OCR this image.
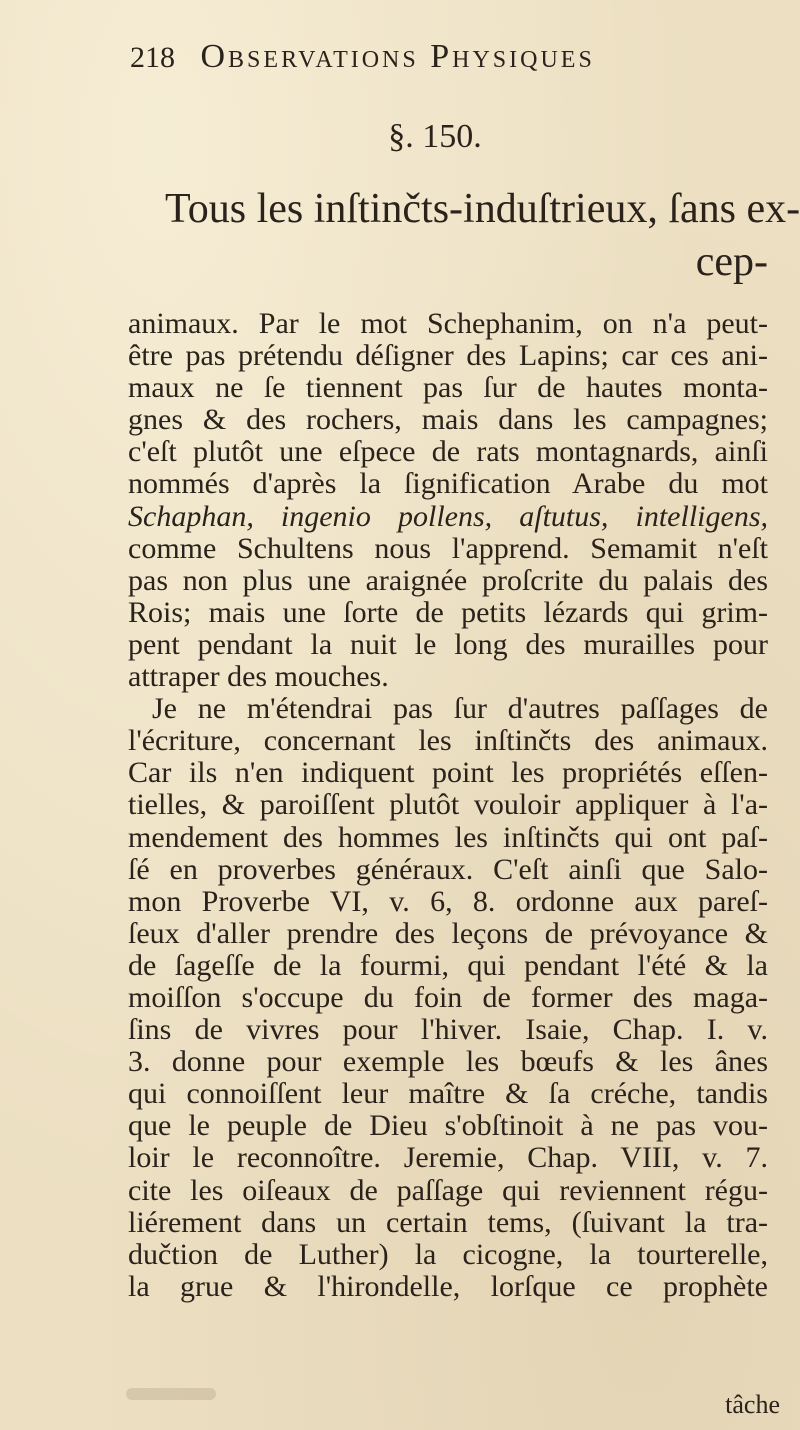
218 Observations Physiques
§. 150.
Tous les inſtinčts-induſtrieux, ſans ex-
cep-
animaux. Par le mot Schephanim, on n'a peut-
être pas prétendu déſigner des Lapins; car ces ani-
maux ne ſe tiennent pas ſur de hautes monta-
gnes & des rochers, mais dans les campagnes;
c'eſt plutôt une eſpece de rats montagnards, ainſi
nommés d'après la ſignification Arabe du mot
Schaphan, ingenio pollens, aſtutus, intelligens,
comme Schultens nous l'apprend. Semamit n'eſt
pas non plus une araignée proſcrite du palais des
Rois; mais une ſorte de petits lézards qui grim-
pent pendant la nuit le long des murailles pour
attraper des mouches.
Je ne m'étendrai pas ſur d'autres paſſages de
l'écriture, concernant les inſtinčts des animaux.
Car ils n'en indiquent point les propriétés eſſen-
tielles, & paroiſſent plutôt vouloir appliquer à l'a-
mendement des hommes les inſtinčts qui ont paſ-
ſé en proverbes généraux. C'eſt ainſi que Salo-
mon Proverbe VI, v. 6, 8. ordonne aux pareſ-
ſeux d'aller prendre des leçons de prévoyance &
de ſageſſe de la fourmi, qui pendant l'été & la
moiſſon s'occupe du foin de former des maga-
ſins de vivres pour l'hiver. Isaie, Chap. I. v.
3. donne pour exemple les bœufs & les ânes
qui connoiſſent leur maître & ſa créche, tandis
que le peuple de Dieu s'obſtinoit à ne pas vou-
loir le reconnoître. Jeremie, Chap. VIII, v. 7.
cite les oiſeaux de paſſage qui reviennent régu-
liérement dans un certain tems, (ſuivant la tra-
dučtion de Luther) la cicogne, la tourterelle,
la grue & l'hirondelle, lorſque ce prophète
tâche
